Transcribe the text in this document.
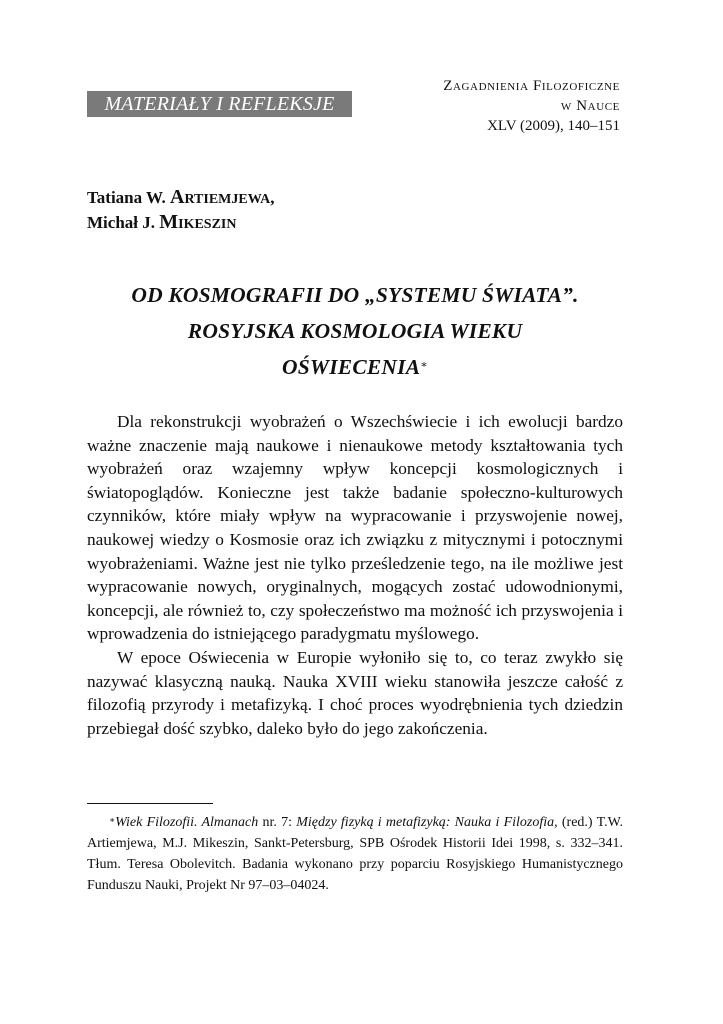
MATERIAŁY I REFLEKSJE
Zagadnienia Filozoficzne
w Nauce
XLV (2009), 140–151
Tatiana W. Artiemjewa,
Michał J. Mikeszin
OD KOSMOGRAFII DO „SYSTEMU ŚWIATA”.
ROSYJSKA KOSMOLOGIA WIEKU
OŚWIECENIA∗

Dla rekonstrukcji wyobrażeń o Wszechświecie i ich ewolucji bardzo ważne znaczenie mają naukowe i nienaukowe metody kształtowania tych wyobrażeń oraz wzajemny wpływ koncepcji kosmologicznych i światopoglądów. Konieczne jest także badanie społeczno-kulturowych czynników, które miały wpływ na wypracowanie i przyswojenie nowej, naukowej wiedzy o Kosmosie oraz ich związku z mitycznymi i potocznymi wyobrażeniami. Ważne jest nie tylko prześledzenie tego, na ile możliwe jest wypracowanie nowych, oryginalnych, mogących zostać udowodnionymi, koncepcji, ale również to, czy społeczeństwo ma możność ich przyswojenia i wprowadzenia do istniejącego paradygmatu myślowego.

W epoce Oświecenia w Europie wyłoniło się to, co teraz zwykło się nazywać klasyczną nauką. Nauka XVIII wieku stanowiła jeszcze całość z filozofią przyrody i metafizyką. I choć proces wyodrębnienia tych dziedzin przebiegał dość szybko, daleko było do jego zakończenia.

∗Wiek Filozofii. Almanach nr. 7: Między fizyką i metafizyką: Nauka i Filozofia, (red.) T.W. Artiemjewa, M.J. Mikeszin, Sankt-Petersburg, SPB Ośrodek Historii Idei 1998, s. 332–341. Tłum. Teresa Obolevitch. Badania wykonano przy poparciu Rosyjskiego Humanistycznego Funduszu Nauki, Projekt Nr 97–03–04024.
